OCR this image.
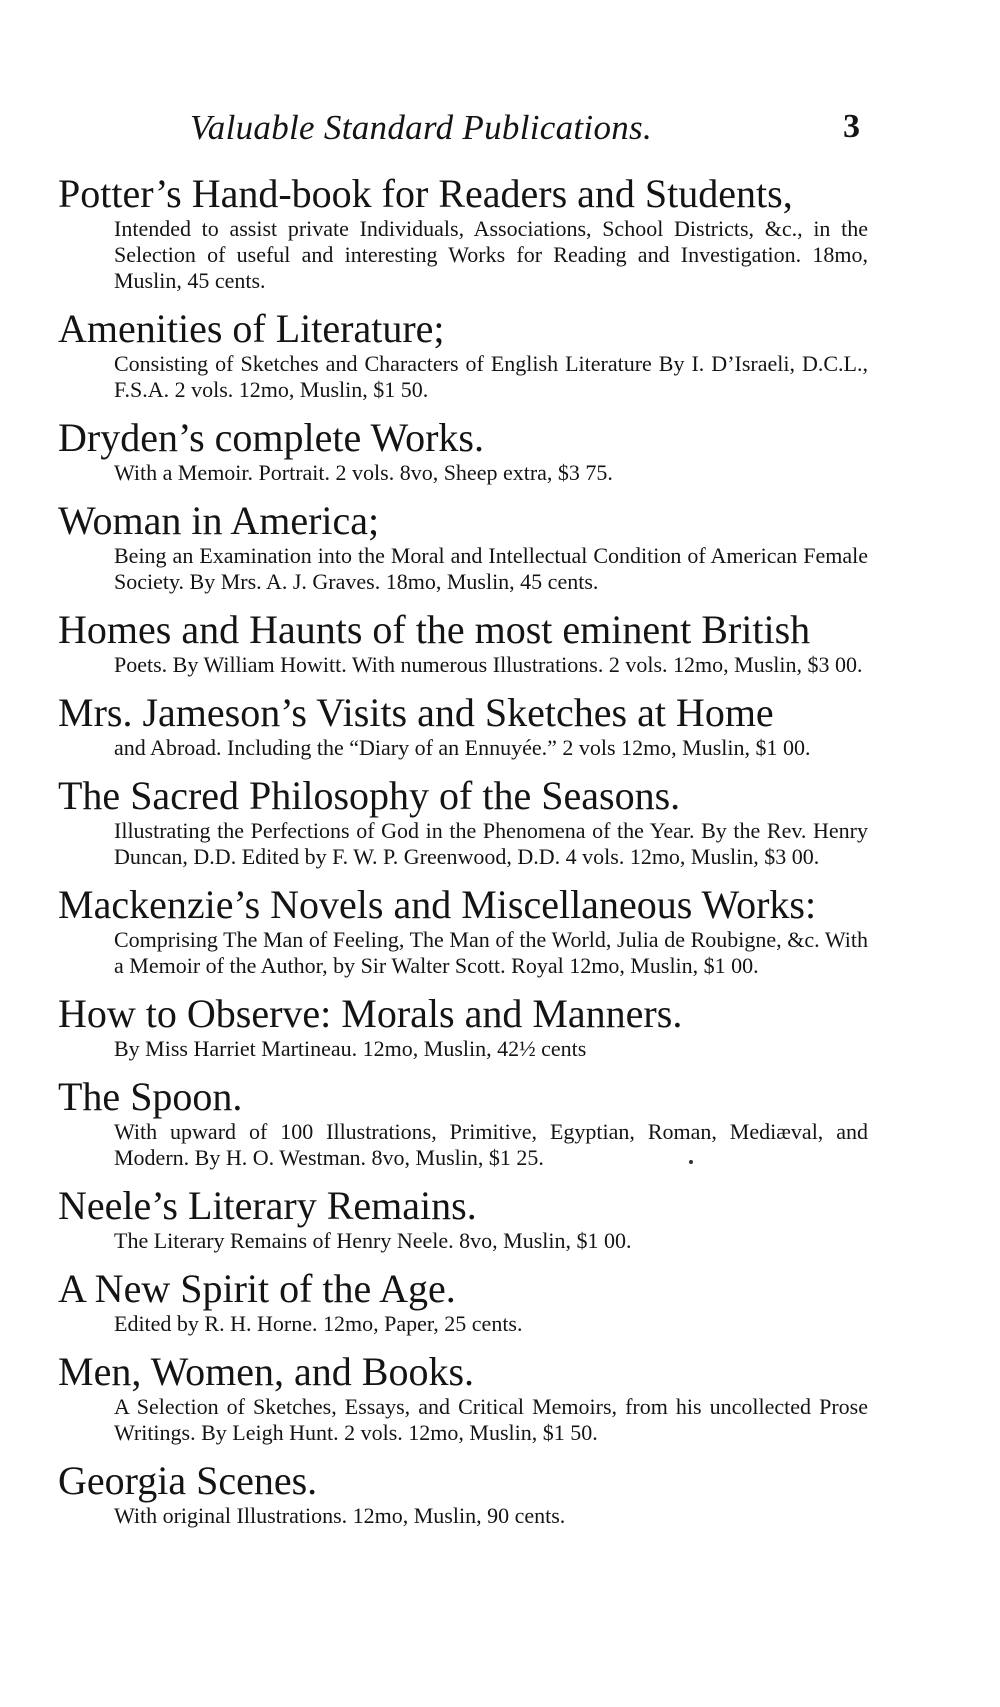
Valuable Standard Publications.	3
Potter’s Hand-book for Readers and Students,
Intended to assist private Individuals, Associations, School Districts, &c., in the Selection of useful and interesting Works for Reading and Investigation. 18mo, Muslin, 45 cents.
Amenities of Literature;
Consisting of Sketches and Characters of English Literature By I. D’Israeli, D.C.L., F.S.A. 2 vols. 12mo, Muslin, $1 50.
Dryden’s complete Works.
With a Memoir. Portrait. 2 vols. 8vo, Sheep extra, $3 75.
Woman in America;
Being an Examination into the Moral and Intellectual Condition of American Female Society. By Mrs. A. J. Graves. 18mo, Muslin, 45 cents.
Homes and Haunts of the most eminent British
Poets. By William Howitt. With numerous Illustrations. 2 vols. 12mo, Muslin, $3 00.
Mrs. Jameson’s Visits and Sketches at Home
and Abroad. Including the “Diary of an Ennuyée.” 2 vols 12mo, Muslin, $1 00.
The Sacred Philosophy of the Seasons.
Illustrating the Perfections of God in the Phenomena of the Year. By the Rev. Henry Duncan, D.D. Edited by F. W. P. Greenwood, D.D. 4 vols. 12mo, Muslin, $3 00.
Mackenzie’s Novels and Miscellaneous Works:
Comprising The Man of Feeling, The Man of the World, Julia de Roubigne, &c. With a Memoir of the Author, by Sir Walter Scott. Royal 12mo, Muslin, $1 00.
How to Observe: Morals and Manners.
By Miss Harriet Martineau. 12mo, Muslin, 42½ cents
The Spoon.
With upward of 100 Illustrations, Primitive, Egyptian, Roman, Mediæval, and Modern. By H. O. Westman. 8vo, Muslin, $1 25.
Neele’s Literary Remains.
The Literary Remains of Henry Neele. 8vo, Muslin, $1 00.
A New Spirit of the Age.
Edited by R. H. Horne. 12mo, Paper, 25 cents.
Men, Women, and Books.
A Selection of Sketches, Essays, and Critical Memoirs, from his uncollected Prose Writings. By Leigh Hunt. 2 vols. 12mo, Muslin, $1 50.
Georgia Scenes.
With original Illustrations. 12mo, Muslin, 90 cents.
